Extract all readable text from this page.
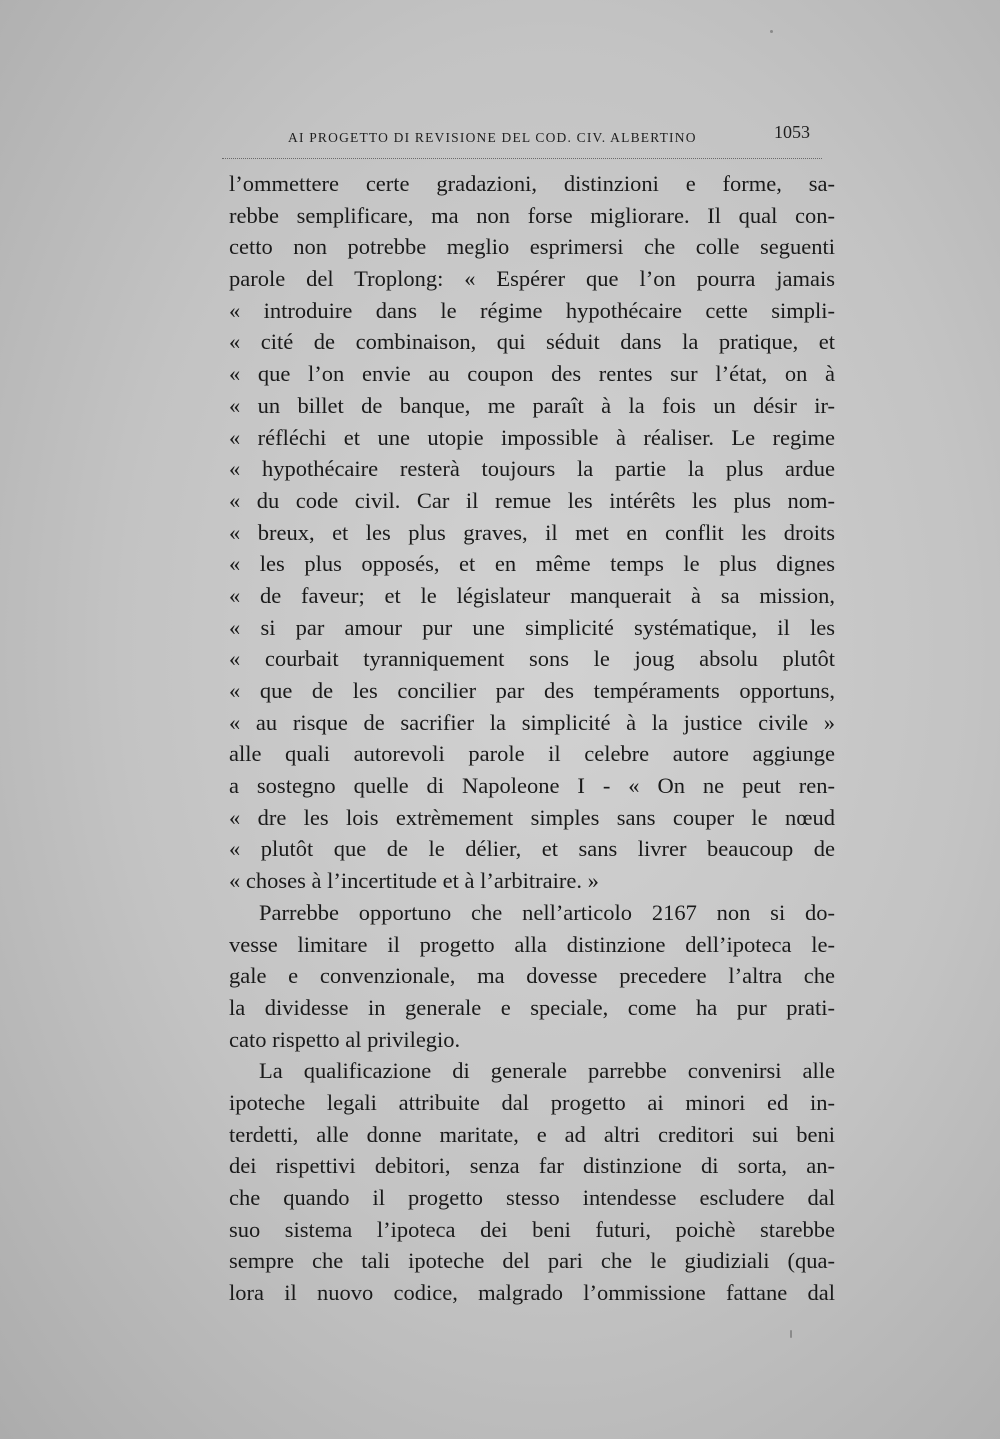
AI PROGETTO DI REVISIONE DEL COD. CIV. ALBERTINO	1053
l’ommettere certe gradazioni, distinzioni e forme, sa-
rebbe semplificare, ma non forse migliorare. Il qual con-
cetto non potrebbe meglio esprimersi che colle seguenti
parole del Troplong: « Espérer que l’on pourra jamais
« introduire dans le régime hypothécaire cette simpli-
« cité de combinaison, qui séduit dans la pratique, et
« que l’on envie au coupon des rentes sur l’état, on à
« un billet de banque, me paraît à la fois un désir ir-
« réfléchi et une utopie impossible à réaliser. Le regime
« hypothécaire resterà toujours la partie la plus ardue
« du code civil. Car il remue les intérêts les plus nom-
« breux, et les plus graves, il met en conflit les droits
« les plus opposés, et en même temps le plus dignes
« de faveur; et le législateur manquerait à sa mission,
« si par amour pur une simplicité systématique, il les
« courbait tyranniquement sons le joug absolu plutôt
« que de les concilier par des tempéraments opportuns,
« au risque de sacrifier la simplicité à la justice civile »
alle quali autorevoli parole il celebre autore aggiunge
a sostegno quelle di Napoleone I - « On ne peut ren-
« dre les lois extrèmement simples sans couper le nœud
« plutôt que de le délier, et sans livrer beaucoup de
« choses à l’incertitude et à l’arbitraire. »
Parrebbe opportuno che nell’articolo 2167 non si do-
vesse limitare il progetto alla distinzione dell’ipoteca le-
gale e convenzionale, ma dovesse precedere l’altra che
la dividesse in generale e speciale, come ha pur prati-
cato rispetto al privilegio.
La qualificazione di generale parrebbe convenirsi alle
ipoteche legali attribuite dal progetto ai minori ed in-
terdetti, alle donne maritate, e ad altri creditori sui beni
dei rispettivi debitori, senza far distinzione di sorta, an-
che quando il progetto stesso intendesse escludere dal
suo sistema l’ipoteca dei beni futuri, poichè starebbe
sempre che tali ipoteche del pari che le giudiziali (qua-
lora il nuovo codice, malgrado l’ommissione fattane dal
